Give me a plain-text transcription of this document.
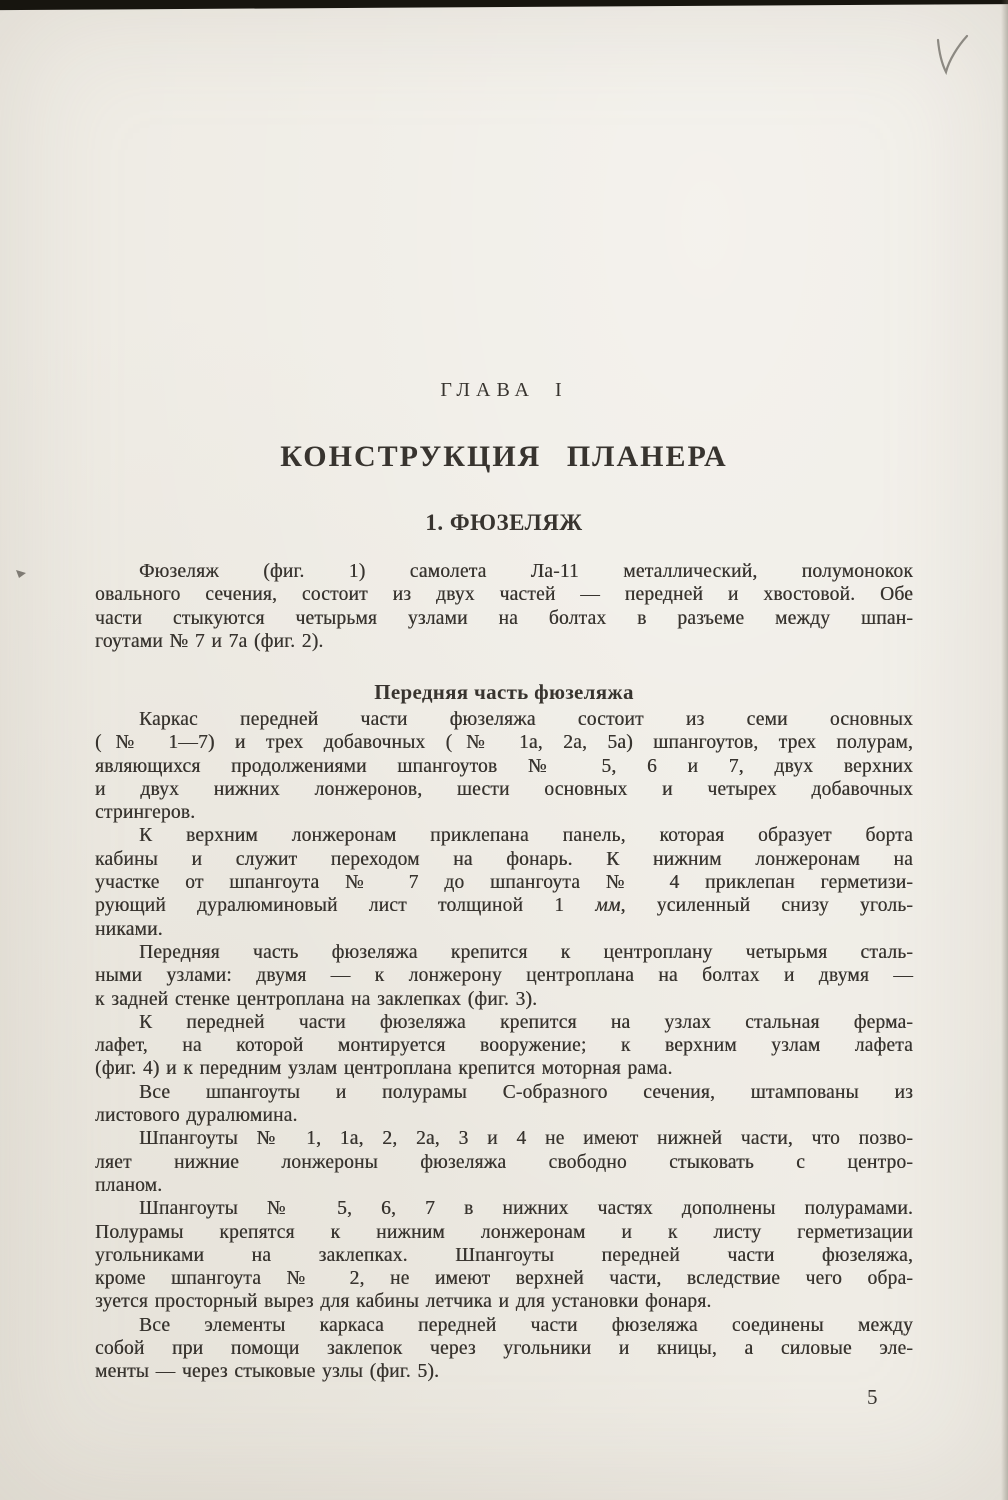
ГЛАВА I
КОНСТРУКЦИЯ ПЛАНЕРА
1. ФЮЗЕЛЯЖ
Фюзеляж (фиг. 1) самолета Ла-11 металлический, полумонокок
овального сечения, состоит из двух частей — передней и хвостовой. Обе
части стыкуются четырьмя узлами на болтах в разъеме между шпан-
гоутами № 7 и 7а (фиг. 2).
Передняя часть фюзеляжа
Каркас передней части фюзеляжа состоит из семи основных
(№ 1—7) и трех добавочных (№ 1а, 2а, 5а) шпангоутов, трех полурам,
являющихся продолжениями шпангоутов № 5, 6 и 7, двух верхних
и двух нижних лонжеронов, шести основных и четырех добавочных
стрингеров.
К верхним лонжеронам приклепана панель, которая образует борта
кабины и служит переходом на фонарь. К нижним лонжеронам на
участке от шпангоута № 7 до шпангоута № 4 приклепан герметизи-
рующий дуралюминовый лист толщиной 1 мм, усиленный снизу уголь-
никами.
Передняя часть фюзеляжа крепится к центроплану четырьмя сталь-
ными узлами: двумя — к лонжерону центроплана на болтах и двумя —
к задней стенке центроплана на заклепках (фиг. 3).
К передней части фюзеляжа крепится на узлах стальная ферма-
лафет, на которой монтируется вооружение; к верхним узлам лафета
(фиг. 4) и к передним узлам центроплана крепится моторная рама.
Все шпангоуты и полурамы С-образного сечения, штампованы из
листового дуралюмина.
Шпангоуты № 1, 1а, 2, 2а, 3 и 4 не имеют нижней части, что позво-
ляет нижние лонжероны фюзеляжа свободно стыковать с центро-
планом.
Шпангоуты № 5, 6, 7 в нижних частях дополнены полурамами.
Полурамы крепятся к нижним лонжеронам и к листу герметизации
угольниками на заклепках. Шпангоуты передней части фюзеляжа,
кроме шпангоута № 2, не имеют верхней части, вследствие чего обра-
зуется просторный вырез для кабины летчика и для установки фонаря.
Все элементы каркаса передней части фюзеляжа соединены между
собой при помощи заклепок через угольники и кницы, а силовые эле-
менты — через стыковые узлы (фиг. 5).
5
